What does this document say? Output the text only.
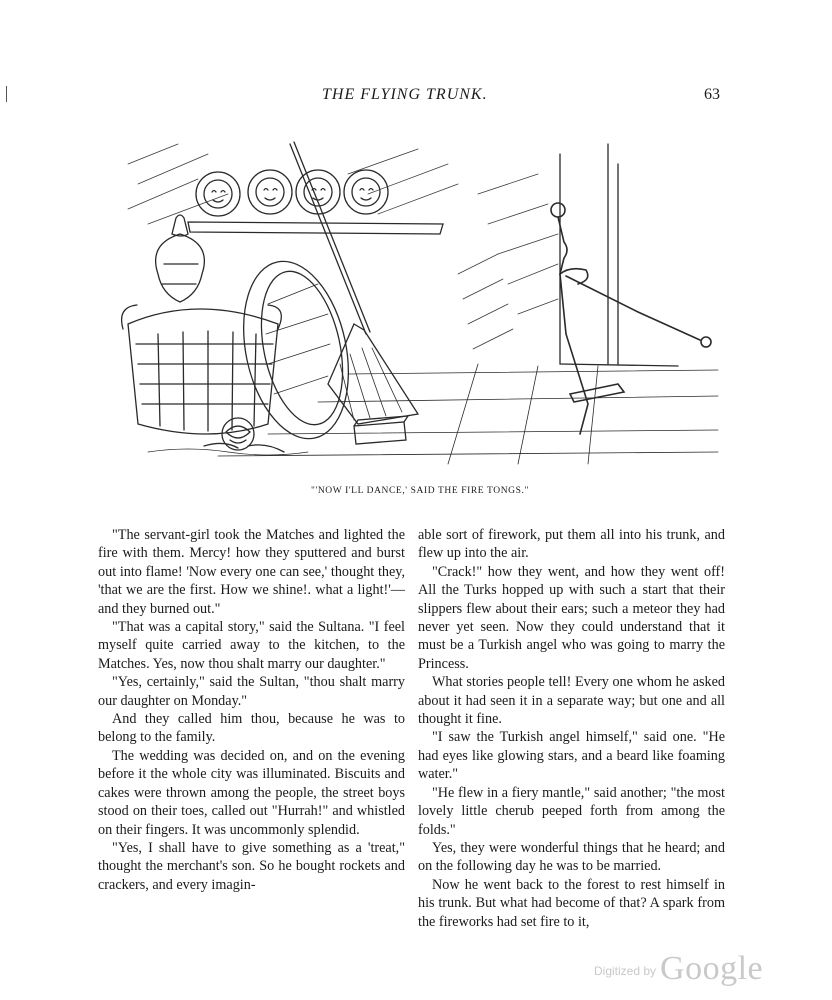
THE FLYING TRUNK.	63
"'NOW I'LL DANCE,' SAID THE FIRE TONGS."

"The servant-girl took the Matches and lighted the fire with them. Mercy! how they sputtered and burst out into flame! 'Now every one can see,' thought they, 'that we are the first. How we shine!. what a light!'—and they burned out."

"That was a capital story," said the Sultana. "I feel myself quite carried away to the kitchen, to the Matches. Yes, now thou shalt marry our daughter."

"Yes, certainly," said the Sultan, "thou shalt marry our daughter on Monday."

And they called him thou, because he was to belong to the family.

The wedding was decided on, and on the evening before it the whole city was illuminated. Biscuits and cakes were thrown among the people, the street boys stood on their toes, called out "Hurrah!" and whistled on their fingers. It was uncommonly splendid.

"Yes, I shall have to give something as a 'treat," thought the merchant's son. So he bought rockets and crackers, and every imagin-

able sort of firework, put them all into his trunk, and flew up into the air.

"Crack!" how they went, and how they went off! All the Turks hopped up with such a start that their slippers flew about their ears; such a meteor they had never yet seen. Now they could understand that it must be a Turkish angel who was going to marry the Princess.

What stories people tell! Every one whom he asked about it had seen it in a separate way; but one and all thought it fine.

"I saw the Turkish angel himself," said one. "He had eyes like glowing stars, and a beard like foaming water."

"He flew in a fiery mantle," said another; "the most lovely little cherub peeped forth from among the folds."

Yes, they were wonderful things that he heard; and on the following day he was to be married.

Now he went back to the forest to rest himself in his trunk. But what had become of that? A spark from the fireworks had set fire to it,

$^{Digitized by}$ Google
